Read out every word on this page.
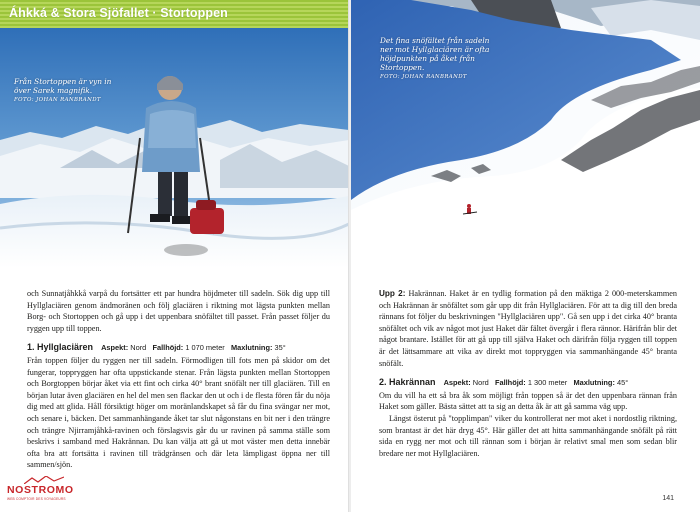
Áhkká & Stora Sjöfallet · Stortoppen
Från Stortoppen är vyn in över Sarek magnifik.
FOTO: JOHAN RANBRANDT

och Sunnatjåhkkå varpå du fortsätter ett par hundra höjdmeter till sadeln. Sök dig upp till Hyllglaciären genom ändmoränen och följ glaciären i riktning mot lägsta punkten mellan Borg- och Stortoppen och gå upp i det uppenbara snöfältet till passet. Från passet följer du ryggen upp till toppen.

1. Hyllglaciären Aspekt: Nord Fallhöjd: 1 070 meter Maxlutning: 35°

Från toppen följer du ryggen ner till sadeln. Förmodligen till fots men på skidor om det fungerar, toppryggen har ofta uppstickande stenar. Från lägsta punkten mellan Stortoppen och Borgtoppen börjar åket via ett fint och cirka 40° brant snöfält ner till glaciären. Till en början lutar även glaciären en hel del men sen flackar den ut och i de flesta fören får du nöja dig med att glida. Håll försiktigt höger om moränlandskapet så får du fina svängar ner mot, och senare i, bäcken. Det sammanhängande åket tar slut någonstans en bit ner i den trängre och trängre Njirramjåhkå-ravinen och förslagsvis går du ur ravinen på samma ställe som beskrivs i samband med Hakrännan. Du kan välja att gå ut mot väster men detta innebär ofta bra att fortsätta i ravinen till trädgränsen och där leta lämpligast öppna ner till sammen/sjön.

NOSTROMO
WEB COMPTOIR DES VOYAGEURS
Det fina snöfältet från sadeln ner mot Hyllglaciären är ofta höjdpunkten på åket från Stortoppen.
FOTO: JOHAN RANBRANDT

Upp 2: Hakrännan. Haket är en tydlig formation på den mäktiga 2 000-meterskammen och Hakrännan är snöfältet som går upp dit från Hyllglaciären. För att ta dig till den breda rännans fot följer du beskrivningen "Hyllglaciären upp". Gå sen upp i det cirka 40° branta snöfältet och vik av något mot just Haket där fältet övergår i flera rännor. Härifrån blir det något brantare. Istället för att gå upp till själva Haket och därifrån följa ryggen till toppen är det lättsammare att vika av direkt mot toppryggen via sammanhängande 45° branta snöfält.

2. Hakrännan Aspekt: Nord Fallhöjd: 1 300 meter Maxlutning: 45°

Om du vill ha ett så bra åk som möjligt från toppen så är det den uppenbara rännan från Haket som gäller. Bästa sättet att ta sig an detta åk är att gå samma väg upp.

Längst österut på "topplimpan" viker du kontrollerat ner mot aket i nordostlig riktning, som brantast är det här dryg 45°. Här gäller det att hitta sammanhängande snöfält på rätt sida en rygg ner mot och till rännan som i början är relativt smal men som sedan blir bredare ner mot Hyllglaciären.

141
